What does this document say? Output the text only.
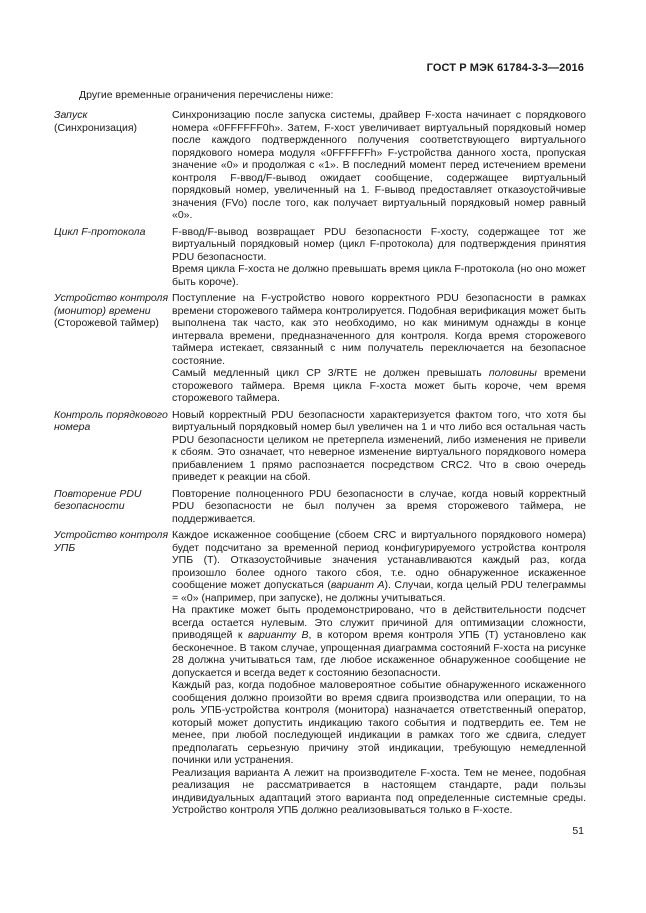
ГОСТ Р МЭК 61784-3-3—2016
Другие временные ограничения перечислены ниже:
Запуск
(Синхронизация)

Синхронизацию после запуска системы, драйвер F-хоста начинает с порядкового номера «0FFFFFF0h». Затем, F-хост увеличивает виртуальный порядковый номер после каждого подтвержденного получения соответствующего виртуального порядкового номера модуля «0FFFFFFh» F-устройства данного хоста, пропуская значение «0» и продолжая с «1». В последний момент перед истечением времени контроля F-ввод/F-вывод ожидает сообщение, содержащее виртуальный порядковый номер, увеличенный на 1. F-вывод предоставляет отказоустойчивые значения (FVo) после того, как получает виртуальный порядковый номер равный «0».

Цикл F-протокола	F-ввод/F-вывод возвращает PDU безопасности F-хосту, содержащее тот же виртуальный порядковый номер (цикл F-протокола) для подтверждения принятия PDU безопасности.

Время цикла F-хоста не должно превышать время цикла F-протокола (но оно может быть короче).

Устройство контроля (монитор) времени
(Сторожевой таймер)

Поступление на F-устройство нового корректного PDU безопасности в рамках времени сторожевого таймера контролируется. Подобная верификация может быть выполнена так часто, как это необходимо, но как минимум однажды в конце интервала времени, предназначенного для контроля. Когда время сторожевого таймера истекает, связанный с ним получатель переключается на безопасное состояние.

Самый медленный цикл CP 3/RTE не должен превышать половины времени сторожевого таймера. Время цикла F-хоста может быть короче, чем время сторожевого таймера.

Контроль порядкового номера

Новый корректный PDU безопасности характеризуется фактом того, что хотя бы виртуальный порядковый номер был увеличен на 1 и что либо вся остальная часть PDU безопасности целиком не претерпела изменений, либо изменения не привели к сбоям. Это означает, что неверное изменение виртуального порядкового номера прибавлением 1 прямо распознается посредством CRC2. Что в свою очередь приведет к реакции на сбой.

Повторение PDU безопасности

Повторение полноценного PDU безопасности в случае, когда новый корректный PDU безопасности не был получен за время сторожевого таймера, не поддерживается.

Устройство контроля УПБ

Каждое искаженное сообщение (сбоем CRC и виртуального порядкового номера) будет подсчитано за временной период конфигурируемого устройства контроля УПБ (T). Отказоустойчивые значения устанавливаются каждый раз, когда произошло более одного такого сбоя, т.е. одно обнаруженное искаженное сообщение может допускаться (вариант А). Случаи, когда целый PDU телеграммы = «0» (например, при запуске), не должны учитываться.

На практике может быть продемонстрировано, что в действительности подсчет всегда остается нулевым. Это служит причиной для оптимизации сложности, приводящей к варианту В, в котором время контроля УПБ (T) установлено как бесконечное. В таком случае, упрощенная диаграмма состояний F-хоста на рисунке 28 должна учитываться там, где любое искаженное обнаруженное сообщение не допускается и всегда ведет к состоянию безопасности.

Каждый раз, когда подобное маловероятное событие обнаруженного искаженного сообщения должно произойти во время сдвига производства или операции, то на роль УПБ-устройства контроля (монитора) назначается ответственный оператор, который может допустить индикацию такого события и подтвердить ее. Тем не менее, при любой последующей индикации в рамках того же сдвига, следует предполагать серьезную причину этой индикации, требующую немедленной починки или устранения.

Реализация варианта А лежит на производителе F-хоста. Тем не менее, подобная реализация не рассматривается в настоящем стандарте, ради пользы индивидуальных адаптаций этого варианта под определенные системные среды. Устройство контроля УПБ должно реализовываться только в F-хосте.

51
